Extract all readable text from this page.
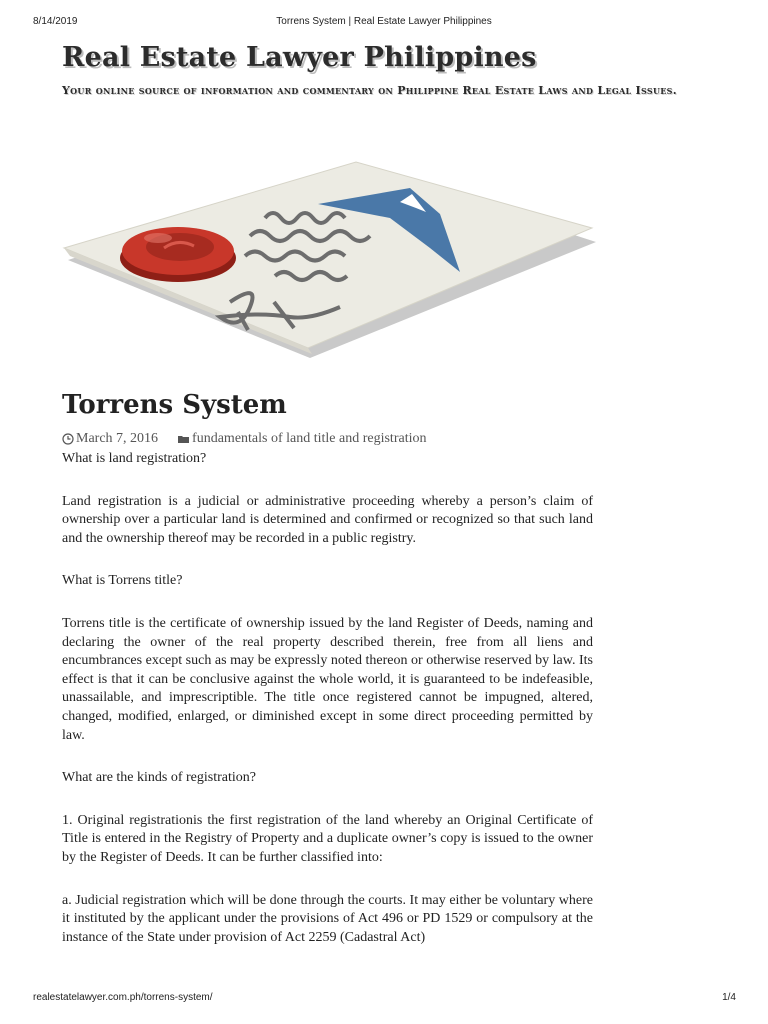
8/14/2019	Torrens System | Real Estate Lawyer Philippines
Real Estate Lawyer Philippines

Your online source of information and commentary on Philippine Real Estate Laws and Legal Issues.

Torrens System
March 7, 2016 fundamentals of land title and registration

What is land registration?

Land registration is a judicial or administrative proceeding whereby a person’s claim of ownership over a particular land is determined and confirmed or recognized so that such land and the ownership thereof may be recorded in a public registry.

What is Torrens title?

Torrens title is the certificate of ownership issued by the land Register of Deeds, naming and declaring the owner of the real property described therein, free from all liens and encumbrances except such as may be expressly noted thereon or otherwise reserved by law. Its effect is that it can be conclusive against the whole world, it is guaranteed to be indefeasible, unassailable, and imprescriptible. The title once registered cannot be impugned, altered, changed, modified, enlarged, or diminished except in some direct proceeding permitted by law.

What are the kinds of registration?

1. Original registrationis the first registration of the land whereby an Original Certificate of Title is entered in the Registry of Property and a duplicate owner’s copy is issued to the owner by the Register of Deeds. It can be further classified into:

a. Judicial registration which will be done through the courts. It may either be voluntary where it instituted by the applicant under the provisions of Act 496 or PD 1529 or compulsory at the instance of the State under provision of Act 2259 (Cadastral Act)

realestatelawyer.com.ph/torrens-system/	1/4
